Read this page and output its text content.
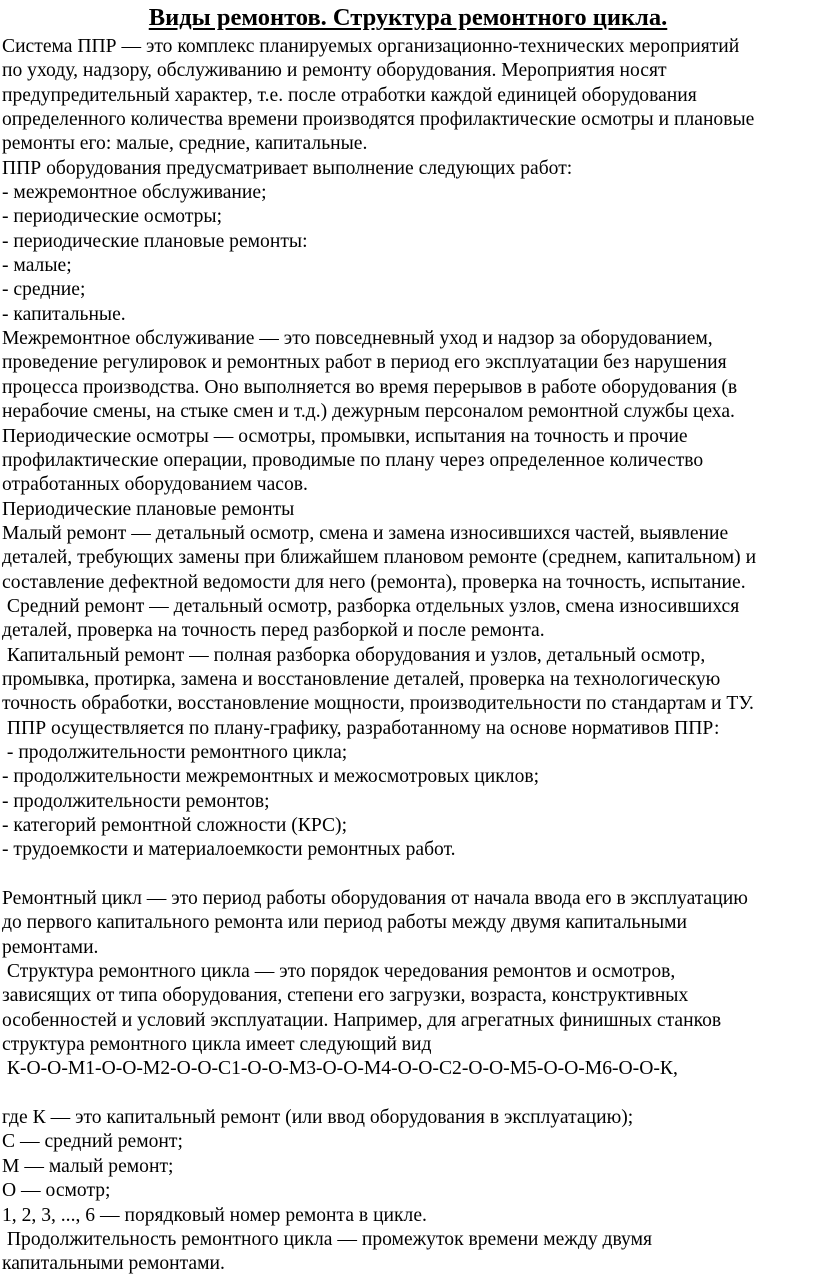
Виды ремонтов. Структура ремонтного цикла.
Система ППР — это комплекс планируемых организационно-технических мероприятий
по уходу, надзору, обслуживанию и ремонту оборудования. Мероприятия носят
предупредительный характер, т.е. после отработки каждой единицей оборудования
определенного количества времени производятся профилактические осмотры и плановые
ремонты его: малые, средние, капитальные.
ППР оборудования предусматривает выполнение следующих работ:
- межремонтное обслуживание;
- периодические осмотры;
- периодические плановые ремонты:
- малые;
- средние;
- капитальные.
Межремонтное обслуживание — это повседневный уход и надзор за оборудованием,
проведение регулировок и ремонтных работ в период его эксплуатации без нарушения
процесса производства. Оно выполняется во время перерывов в работе оборудования (в
нерабочие смены, на стыке смен и т.д.) дежурным персоналом ремонтной службы цеха.
Периодические осмотры — осмотры, промывки, испытания на точность и прочие
профилактические операции, проводимые по плану через определенное количество
отработанных оборудованием часов.
Периодические плановые ремонты
Малый ремонт — детальный осмотр, смена и замена износившихся частей, выявление
деталей, требующих замены при ближайшем плановом ремонте (среднем, капитальном) и
составление дефектной ведомости для него (ремонта), проверка на точность, испытание.
Средний ремонт — детальный осмотр, разборка отдельных узлов, смена износившихся
деталей, проверка на точность перед разборкой и после ремонта.
Капитальный ремонт — полная разборка оборудования и узлов, детальный осмотр,
промывка, протирка, замена и восстановление деталей, проверка на технологическую
точность обработки, восстановление мощности, производительности по стандартам и ТУ.
ППР осуществляется по плану-графику, разработанному на основе нормативов ППР:
- продолжительности ремонтного цикла;
- продолжительности межремонтных и межосмотровых циклов;
- продолжительности ремонтов;
- категорий ремонтной сложности (КРС);
- трудоемкости и материалоемкости ремонтных работ.
Ремонтный цикл — это период работы оборудования от начала ввода его в эксплуатацию
до первого капитального ремонта или период работы между двумя капитальными
ремонтами.
Структура ремонтного цикла — это порядок чередования ремонтов и осмотров,
зависящих от типа оборудования, степени его загрузки, возраста, конструктивных
особенностей и условий эксплуатации. Например, для агрегатных финишных станков
структура ремонтного цикла имеет следующий вид
К-О-О-М1-О-О-М2-О-О-С1-О-О-М3-О-О-М4-О-О-С2-О-О-М5-О-О-М6-О-О-К,
где К — это капитальный ремонт (или ввод оборудования в эксплуатацию);
С — средний ремонт;
М — малый ремонт;
О — осмотр;
1, 2, 3, ..., 6 — порядковый номер ремонта в цикле.
Продолжительность ремонтного цикла — промежуток времени между двумя
капитальными ремонтами.
